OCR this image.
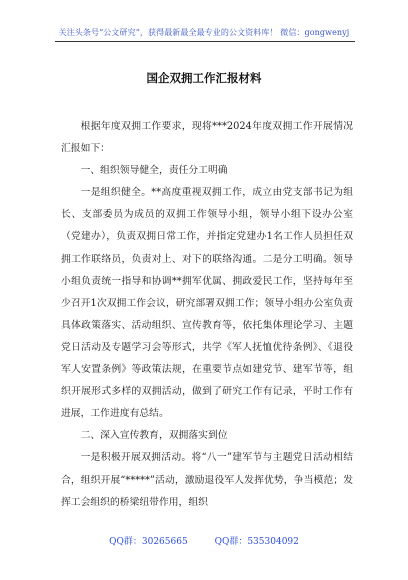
关注头条号“公文研究”，获得最新最全最专业的公文资料库！ 微信：gongwenyj
国企双拥工作汇报材料

根据年度双拥工作要求，现将***2024年度双拥工作开展情况汇报如下：

一、组织领导健全，责任分工明确

一是组织健全。**高度重视双拥工作，成立由党支部书记为组长、支部委员为成员的双拥工作领导小组，领导小组下设办公室（党建办），负责双拥日常工作，并指定党建办1名工作人员担任双拥工作联络员，负责对上、对下的联络沟通。二是分工明确。领导小组负责统一指导和协调**拥军优属、拥政爱民工作，坚持每年至少召开1次双拥工作会议，研究部署双拥工作；领导小组办公室负责具体政策落实、活动组织、宣传教育等，依托集体理论学习、主题党日活动及专题学习会等形式，共学《军人抚恤优待条例》、《退役军人安置条例》等政策法规，在重要节点如建党节、建军节等，组织开展形式多样的双拥活动，做到了研究工作有记录，平时工作有进展，工作进度有总结。

二、深入宣传教育，双拥落实到位

一是积极开展双拥活动。将“八一”建军节与主题党日活动相结合，组织开展“*****”活动，激励退役军人发挥优势，争当模范；发挥工会组织的桥梁纽带作用，组织

QQ群：30265665	QQ群：535304092
